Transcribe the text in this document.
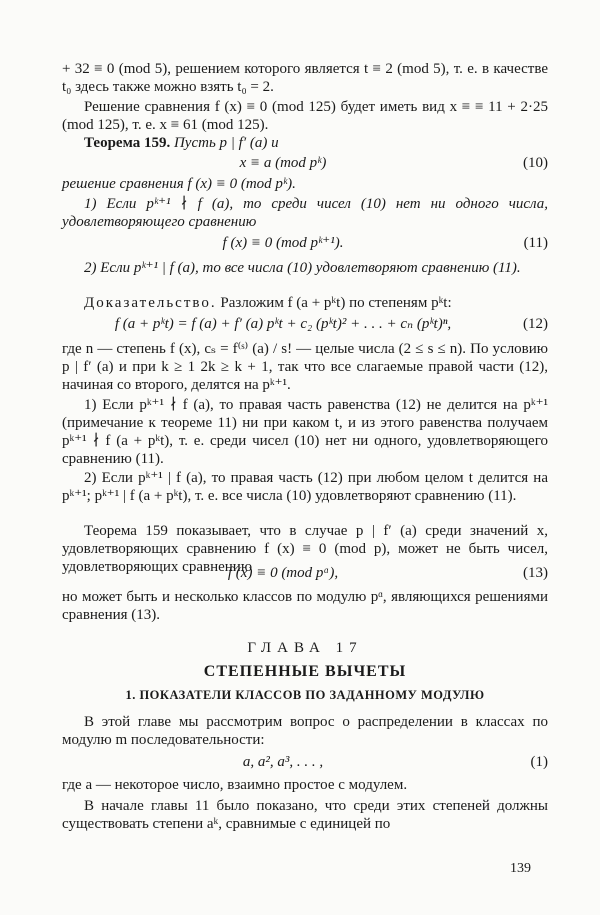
+ 32 ≡ 0 (mod 5), решением которого является t ≡ 2 (mod 5), т. е. в качестве t₀ здесь также можно взять t₀ = 2.

Решение сравнения f (x) ≡ 0 (mod 125) будет иметь вид x ≡ ≡ 11 + 2·25 (mod 125), т. е. x ≡ 61 (mod 125).

Теорема 159. Пусть p | f′ (a) и

x ≡ a (mod pᵏ)	(10)

решение сравнения f (x) ≡ 0 (mod pᵏ).

1) Если pᵏ⁺¹ ∤ f (a), то среди чисел (10) нет ни одного числа, удовлетворяющего сравнению

f (x) ≡ 0 (mod pᵏ⁺¹).	(11)

2) Если pᵏ⁺¹ | f (a), то все числа (10) удовлетворяют сравнению (11).

Доказательство. Разложим f (a + pᵏt) по степеням pᵏt:

f (a + pᵏt) = f (a) + f′ (a) pᵏt + c₂ (pᵏt)² + . . . + cₙ (pᵏt)ⁿ,	(12)

где n — степень f (x), cₛ = f⁽ˢ⁾ (a) / s! — целые числа (2 ≤ s ≤ n). По условию p | f′ (a) и при k ≥ 1 2k ≥ k + 1, так что все слагаемые правой части (12), начиная со второго, делятся на pᵏ⁺¹.

1) Если pᵏ⁺¹ ∤ f (a), то правая часть равенства (12) не делится на pᵏ⁺¹ (примечание к теореме 11) ни при каком t, и из этого равенства получаем pᵏ⁺¹ ∤ f (a + pᵏt), т. е. среди чисел (10) нет ни одного, удовлетворяющего сравнению (11).

2) Если pᵏ⁺¹ | f (a), то правая часть (12) при любом целом t делится на pᵏ⁺¹; pᵏ⁺¹ | f (a + pᵏt), т. е. все числа (10) удовлетворяют сравнению (11).

Теорема 159 показывает, что в случае p | f′ (a) среди значений x, удовлетворяющих сравнению f (x) ≡ 0 (mod p), может не быть чисел, удовлетворяющих сравнению

f (x) ≡ 0 (mod pᵅ),	(13)

но может быть и несколько классов по модулю pᵅ, являющихся решениями сравнения (13).

ГЛАВА 17
СТЕПЕННЫЕ ВЫЧЕТЫ
1. ПОКАЗАТЕЛИ КЛАССОВ ПО ЗАДАННОМУ МОДУЛЮ

В этой главе мы рассмотрим вопрос о распределении в классах по модулю m последовательности:

a, a², a³, . . . ,	(1)

где a — некоторое число, взаимно простое с модулем.

В начале главы 11 было показано, что среди этих степеней должны существовать степени aᵏ, сравнимые с единицей по

139
